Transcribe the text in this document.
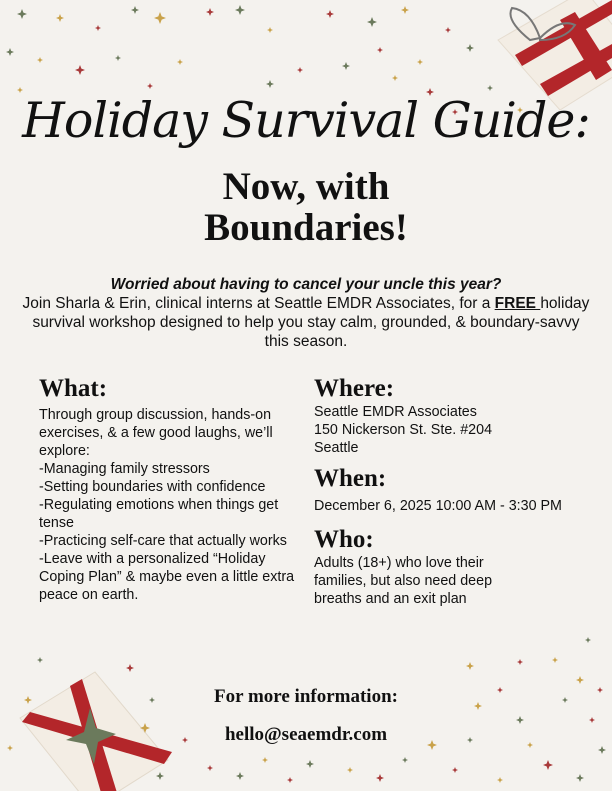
Holiday Survival Guide:
Now, with
Boundaries!
Worried about having to cancel your uncle this year?
Join Sharla & Erin, clinical interns at Seattle EMDR Associates, for a FREE holiday survival workshop designed to help you stay calm, grounded, & boundary-savvy this season.
What:
Through group discussion, hands-on exercises, & a few good laughs, we’ll explore:
-Managing family stressors
-Setting boundaries with confidence
-Regulating emotions when things get tense
-Practicing self-care that actually works
-Leave with a personalized “Holiday Coping Plan” & maybe even a little extra peace on earth.
Where:
Seattle EMDR Associates
150 Nickerson St. Ste. #204
Seattle
When:
December 6, 2025 10:00 AM - 3:30 PM
Who:
Adults (18+) who love their families, but also need deep breaths and an exit plan
For more information:
hello@seaemdr.com
